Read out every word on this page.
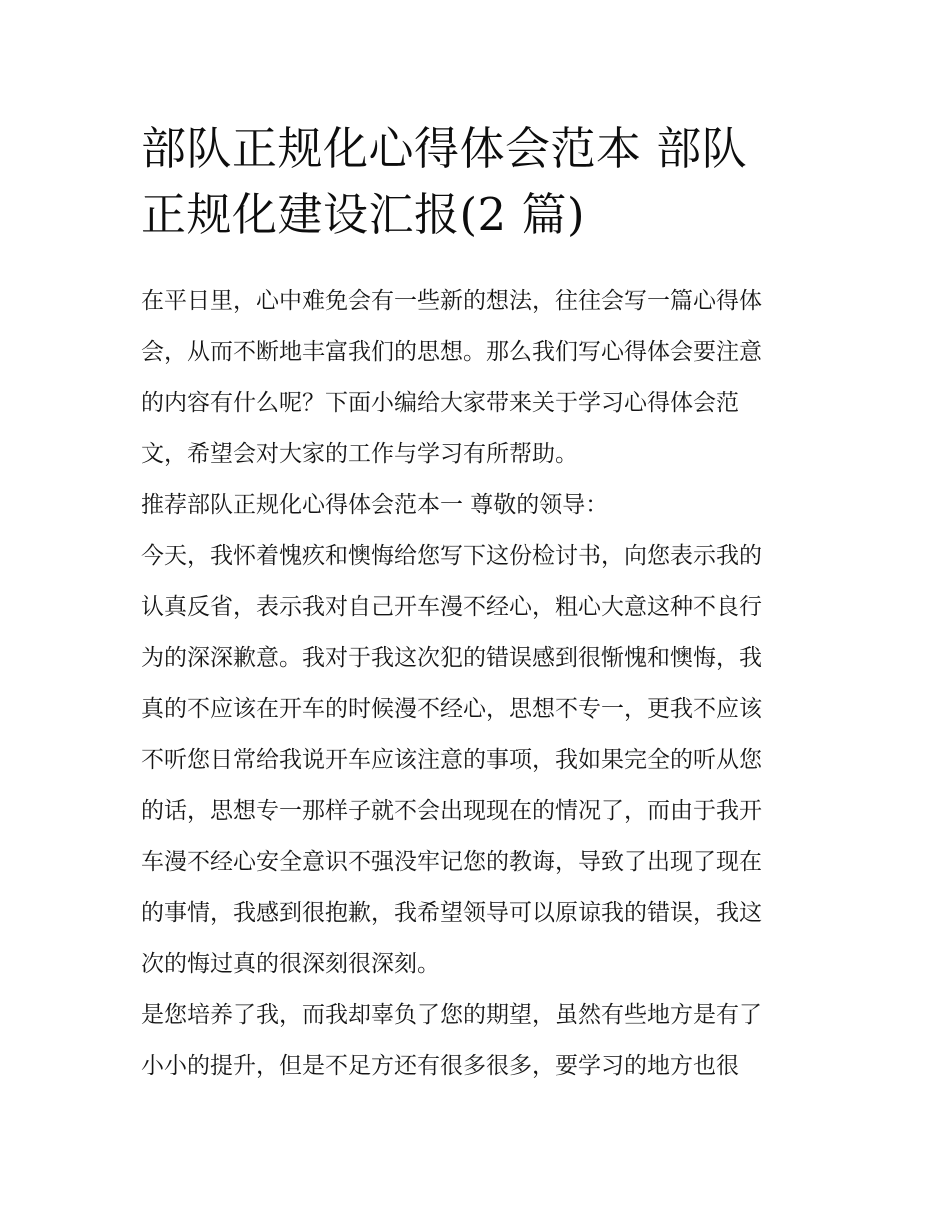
部队正规化心得体会范本 部队
正规化建设汇报(2 篇)
在平日里，心中难免会有一些新的想法，往往会写一篇心得体
会，从而不断地丰富我们的思想。那么我们写心得体会要注意
的内容有什么呢？下面小编给大家带来关于学习心得体会范
文，希望会对大家的工作与学习有所帮助。
推荐部队正规化心得体会范本一 尊敬的领导：
今天，我怀着愧疚和懊悔给您写下这份检讨书，向您表示我的
认真反省，表示我对自己开车漫不经心，粗心大意这种不良行
为的深深歉意。我对于我这次犯的错误感到很惭愧和懊悔，我
真的不应该在开车的时候漫不经心，思想不专一，更我不应该
不听您日常给我说开车应该注意的事项，我如果完全的听从您
的话，思想专一那样子就不会出现现在的情况了，而由于我开
车漫不经心安全意识不强没牢记您的教诲，导致了出现了现在
的事情，我感到很抱歉，我希望领导可以原谅我的错误，我这
次的悔过真的很深刻很深刻。
是您培养了我，而我却辜负了您的期望，虽然有些地方是有了
小小的提升，但是不足方还有很多很多，要学习的地方也很
